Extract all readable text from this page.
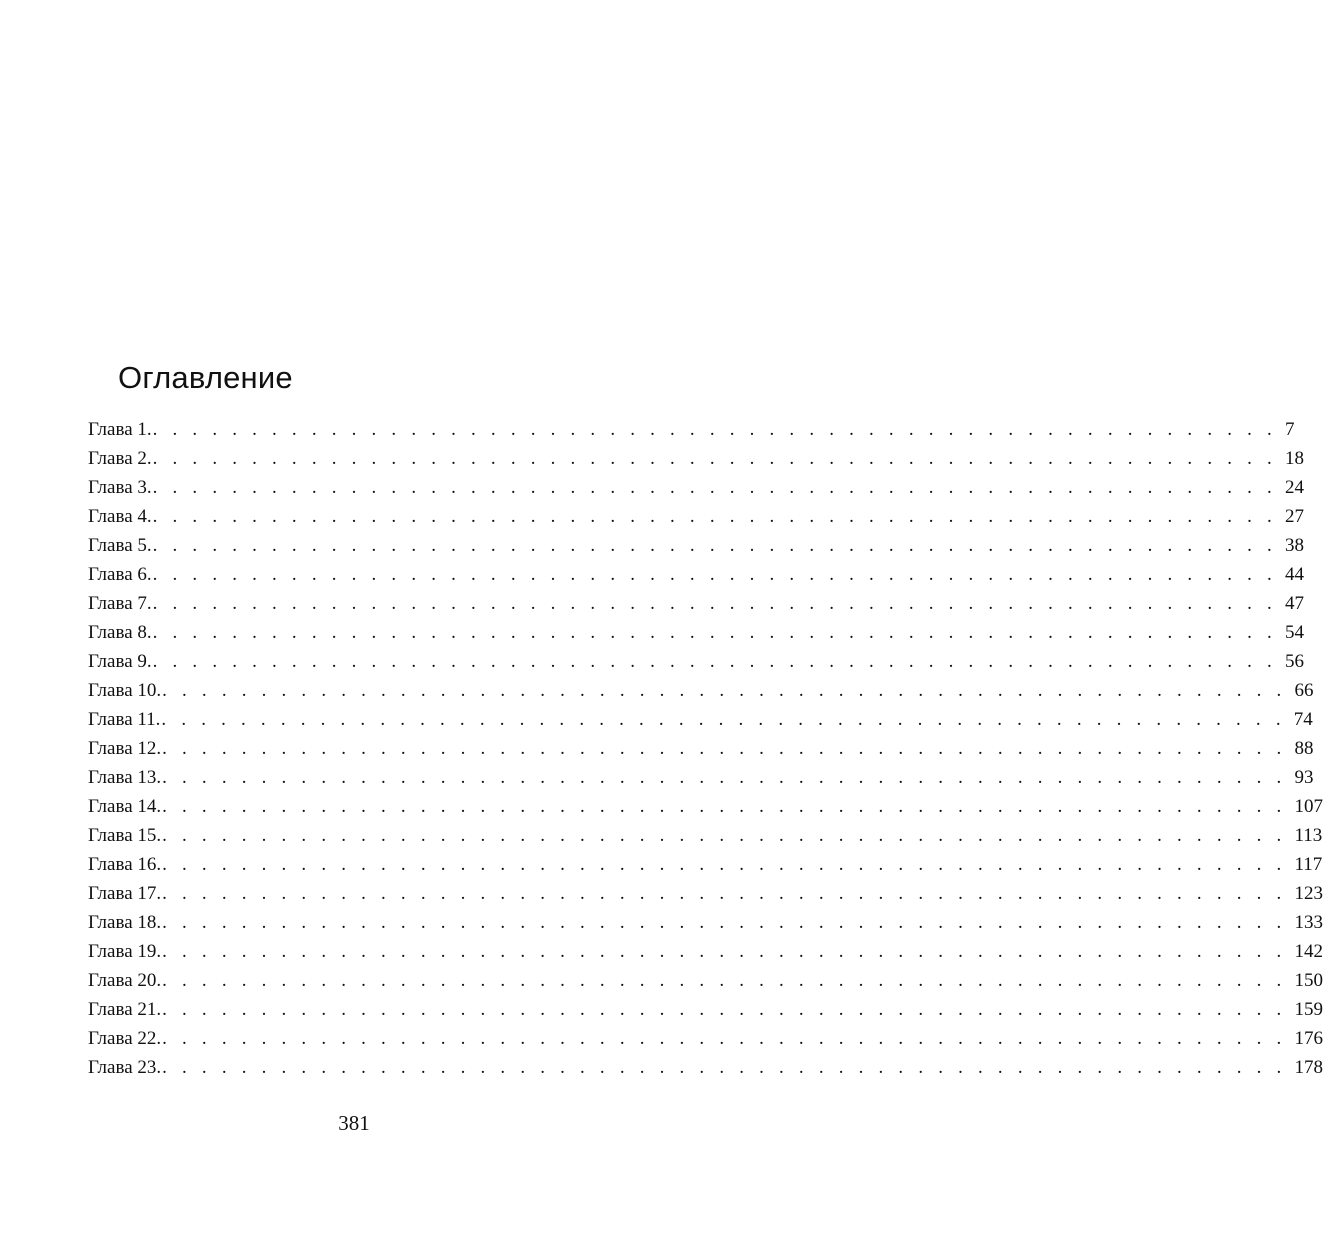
Оглавление
Глава 1. . . . . . . . . . . . . . . . . . . . . . . . . . . . . . . . . . . . . . . . . . . . . . . . . . . . . . . . . . 7
Глава 2. . . . . . . . . . . . . . . . . . . . . . . . . . . . . . . . . . . . . . . . . . . . . . . . . . . . . . . . . . 18
Глава 3. . . . . . . . . . . . . . . . . . . . . . . . . . . . . . . . . . . . . . . . . . . . . . . . . . . . . . . . . . 24
Глава 4. . . . . . . . . . . . . . . . . . . . . . . . . . . . . . . . . . . . . . . . . . . . . . . . . . . . . . . . . . 27
Глава 5. . . . . . . . . . . . . . . . . . . . . . . . . . . . . . . . . . . . . . . . . . . . . . . . . . . . . . . . . . 38
Глава 6. . . . . . . . . . . . . . . . . . . . . . . . . . . . . . . . . . . . . . . . . . . . . . . . . . . . . . . . . . 44
Глава 7. . . . . . . . . . . . . . . . . . . . . . . . . . . . . . . . . . . . . . . . . . . . . . . . . . . . . . . . . . 47
Глава 8. . . . . . . . . . . . . . . . . . . . . . . . . . . . . . . . . . . . . . . . . . . . . . . . . . . . . . . . . . 54
Глава 9. . . . . . . . . . . . . . . . . . . . . . . . . . . . . . . . . . . . . . . . . . . . . . . . . . . . . . . . . . 56
Глава 10. . . . . . . . . . . . . . . . . . . . . . . . . . . . . . . . . . . . . . . . . . . . . . . . . . . . . . . . . . 66
Глава 11. . . . . . . . . . . . . . . . . . . . . . . . . . . . . . . . . . . . . . . . . . . . . . . . . . . . . . . . . . 74
Глава 12. . . . . . . . . . . . . . . . . . . . . . . . . . . . . . . . . . . . . . . . . . . . . . . . . . . . . . . . . . 88
Глава 13. . . . . . . . . . . . . . . . . . . . . . . . . . . . . . . . . . . . . . . . . . . . . . . . . . . . . . . . . . 93
Глава 14. . . . . . . . . . . . . . . . . . . . . . . . . . . . . . . . . . . . . . . . . . . . . . . . . . . . . . . . . . 107
Глава 15. . . . . . . . . . . . . . . . . . . . . . . . . . . . . . . . . . . . . . . . . . . . . . . . . . . . . . . . . . 113
Глава 16. . . . . . . . . . . . . . . . . . . . . . . . . . . . . . . . . . . . . . . . . . . . . . . . . . . . . . . . . . 117
Глава 17. . . . . . . . . . . . . . . . . . . . . . . . . . . . . . . . . . . . . . . . . . . . . . . . . . . . . . . . . . 123
Глава 18. . . . . . . . . . . . . . . . . . . . . . . . . . . . . . . . . . . . . . . . . . . . . . . . . . . . . . . . . . 133
Глава 19. . . . . . . . . . . . . . . . . . . . . . . . . . . . . . . . . . . . . . . . . . . . . . . . . . . . . . . . . . 142
Глава 20. . . . . . . . . . . . . . . . . . . . . . . . . . . . . . . . . . . . . . . . . . . . . . . . . . . . . . . . . . 150
Глава 21. . . . . . . . . . . . . . . . . . . . . . . . . . . . . . . . . . . . . . . . . . . . . . . . . . . . . . . . . . 159
Глава 22. . . . . . . . . . . . . . . . . . . . . . . . . . . . . . . . . . . . . . . . . . . . . . . . . . . . . . . . . . 176
Глава 23. . . . . . . . . . . . . . . . . . . . . . . . . . . . . . . . . . . . . . . . . . . . . . . . . . . . . . . . . . 178
381
